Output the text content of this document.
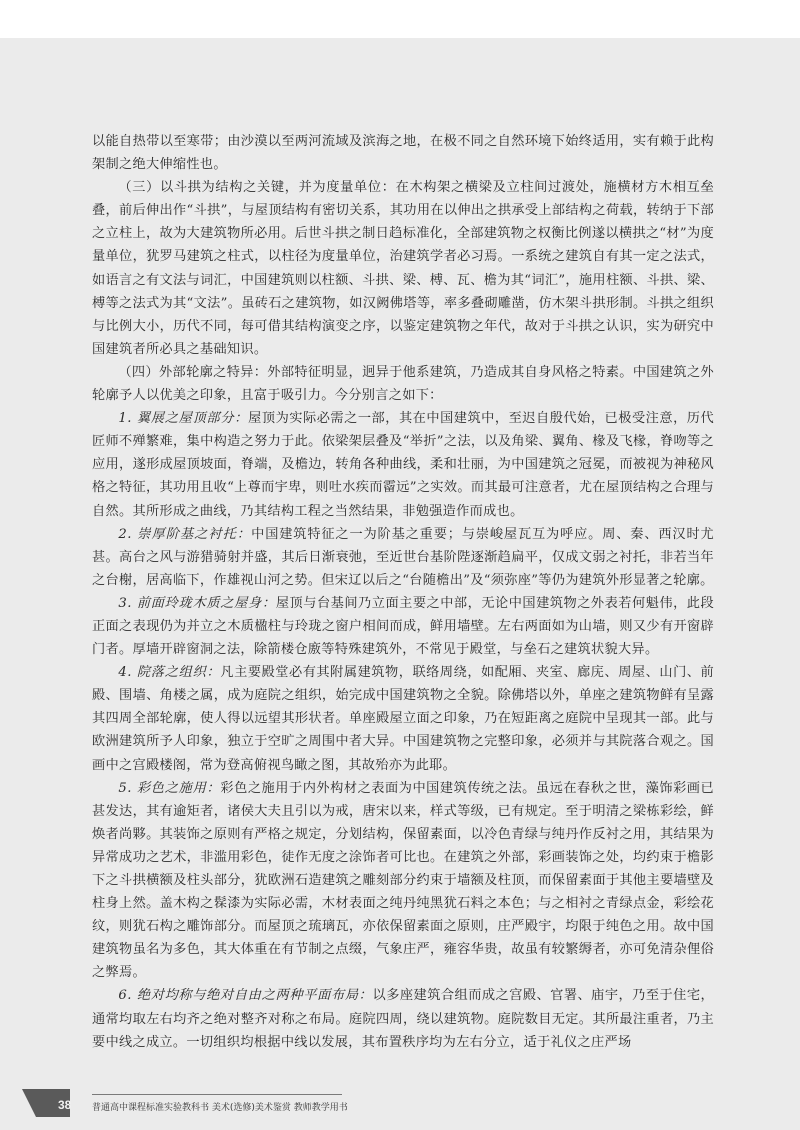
以能自热带以至寒带；由沙漠以至两河流域及滨海之地，在极不同之自然环境下始终适用，实有赖于此构架制之绝大伸缩性也。

（三）以斗拱为结构之关键，并为度量单位：在木构架之横梁及立柱间过渡处，施横材方木相互垒叠，前后伸出作“斗拱”，与屋顶结构有密切关系，其功用在以伸出之拱承受上部结构之荷载，转纳于下部之立柱上，故为大建筑物所必用。后世斗拱之制日趋标准化，全部建筑物之权衡比例遂以横拱之“材”为度量单位，犹罗马建筑之柱式，以柱径为度量单位，治建筑学者必习焉。一系统之建筑自有其一定之法式，如语言之有文法与词汇，中国建筑则以柱额、斗拱、梁、榑、瓦、檐为其“词汇”，施用柱额、斗拱、梁、榑等之法式为其“文法”。虽砖石之建筑物，如汉阙佛塔等，率多叠砌雕凿，仿木架斗拱形制。斗拱之组织与比例大小，历代不同，每可借其结构演变之序，以鉴定建筑物之年代，故对于斗拱之认识，实为研究中国建筑者所必具之基础知识。

（四）外部轮廓之特异：外部特征明显，迥异于他系建筑，乃造成其自身风格之特素。中国建筑之外轮廓予人以优美之印象，且富于吸引力。今分别言之如下：

1. 翼展之屋顶部分：屋顶为实际必需之一部，其在中国建筑中，至迟自殷代始，已极受注意，历代匠师不殚繁难，集中构造之努力于此。依梁架层叠及“举折”之法，以及角梁、翼角、椽及飞椽，脊吻等之应用，遂形成屋顶坡面，脊端，及檐边，转角各种曲线，柔和壮丽，为中国建筑之冠冕，而被视为神秘风格之特征，其功用且收“上尊而宇卑，则吐水疾而霤远”之实效。而其最可注意者，尤在屋顶结构之合理与自然。其所形成之曲线，乃其结构工程之当然结果，非勉强造作而成也。

2. 崇厚阶基之衬托：中国建筑特征之一为阶基之重要；与崇峻屋瓦互为呼应。周、秦、西汉时尤甚。高台之风与游猎骑射并盛，其后日渐衰弛，至近世台基阶陛逐渐趋扁平，仅成文弱之衬托，非若当年之台榭，居高临下，作雄视山河之势。但宋辽以后之“台随檐出”及“须弥座”等仍为建筑外形显著之轮廓。

3. 前面玲珑木质之屋身：屋顶与台基间乃立面主要之中部，无论中国建筑物之外表若何魁伟，此段正面之表现仍为并立之木质楹柱与玲珑之窗户相间而成，鲜用墙壁。左右两面如为山墙，则又少有开窗辟门者。厚墙开辟窗洞之法，除箭楼仓廒等特殊建筑外，不常见于殿堂，与垒石之建筑状貌大异。

4. 院落之组织：凡主要殿堂必有其附属建筑物，联络周绕，如配厢、夹室、廊庑、周屋、山门、前殿、围墙、角楼之属，成为庭院之组织，始完成中国建筑物之全貌。除佛塔以外，单座之建筑物鲜有呈露其四周全部轮廓，使人得以远望其形状者。单座殿屋立面之印象，乃在短距离之庭院中呈现其一部。此与欧洲建筑所予人印象，独立于空旷之周围中者大异。中国建筑物之完整印象，必须并与其院落合观之。国画中之宫殿楼阁，常为登高俯视鸟瞰之图，其故殆亦为此耶。

5. 彩色之施用：彩色之施用于内外构材之表面为中国建筑传统之法。虽远在春秋之世，藻饰彩画已甚发达，其有逾矩者，诸侯大夫且引以为戒，唐宋以来，样式等级，已有规定。至于明清之梁栋彩绘，鲜焕者尚夥。其装饰之原则有严格之规定，分划结构，保留素面，以冷色青绿与纯丹作反衬之用，其结果为异常成功之艺术，非滥用彩色，徒作无度之涂饰者可比也。在建筑之外部，彩画装饰之处，均约束于檐影下之斗拱横额及柱头部分，犹欧洲石造建筑之雕刻部分约束于墙额及柱顶，而保留素面于其他主要墙壁及柱身上然。盖木构之髹漆为实际必需，木材表面之纯丹纯黑犹石料之本色；与之相衬之青绿点金，彩绘花纹，则犹石构之雕饰部分。而屋顶之琉璃瓦，亦依保留素面之原则，庄严殿宇，均限于纯色之用。故中国建筑物虽名为多色，其大体重在有节制之点缀，气象庄严，雍容华贵，故虽有较繁缛者，亦可免清杂俚俗之弊焉。

6. 绝对均称与绝对自由之两种平面布局：以多座建筑合组而成之宫殿、官署、庙宇，乃至于住宅，通常均取左右均齐之绝对整齐对称之布局。庭院四周，绕以建筑物。庭院数目无定。其所最注重者，乃主要中线之成立。一切组织均根据中线以发展，其布置秩序均为左右分立，适于礼仪之庄严场

38 普通高中课程标准实验教科书 美术(选修)美术鉴赏 教师教学用书
